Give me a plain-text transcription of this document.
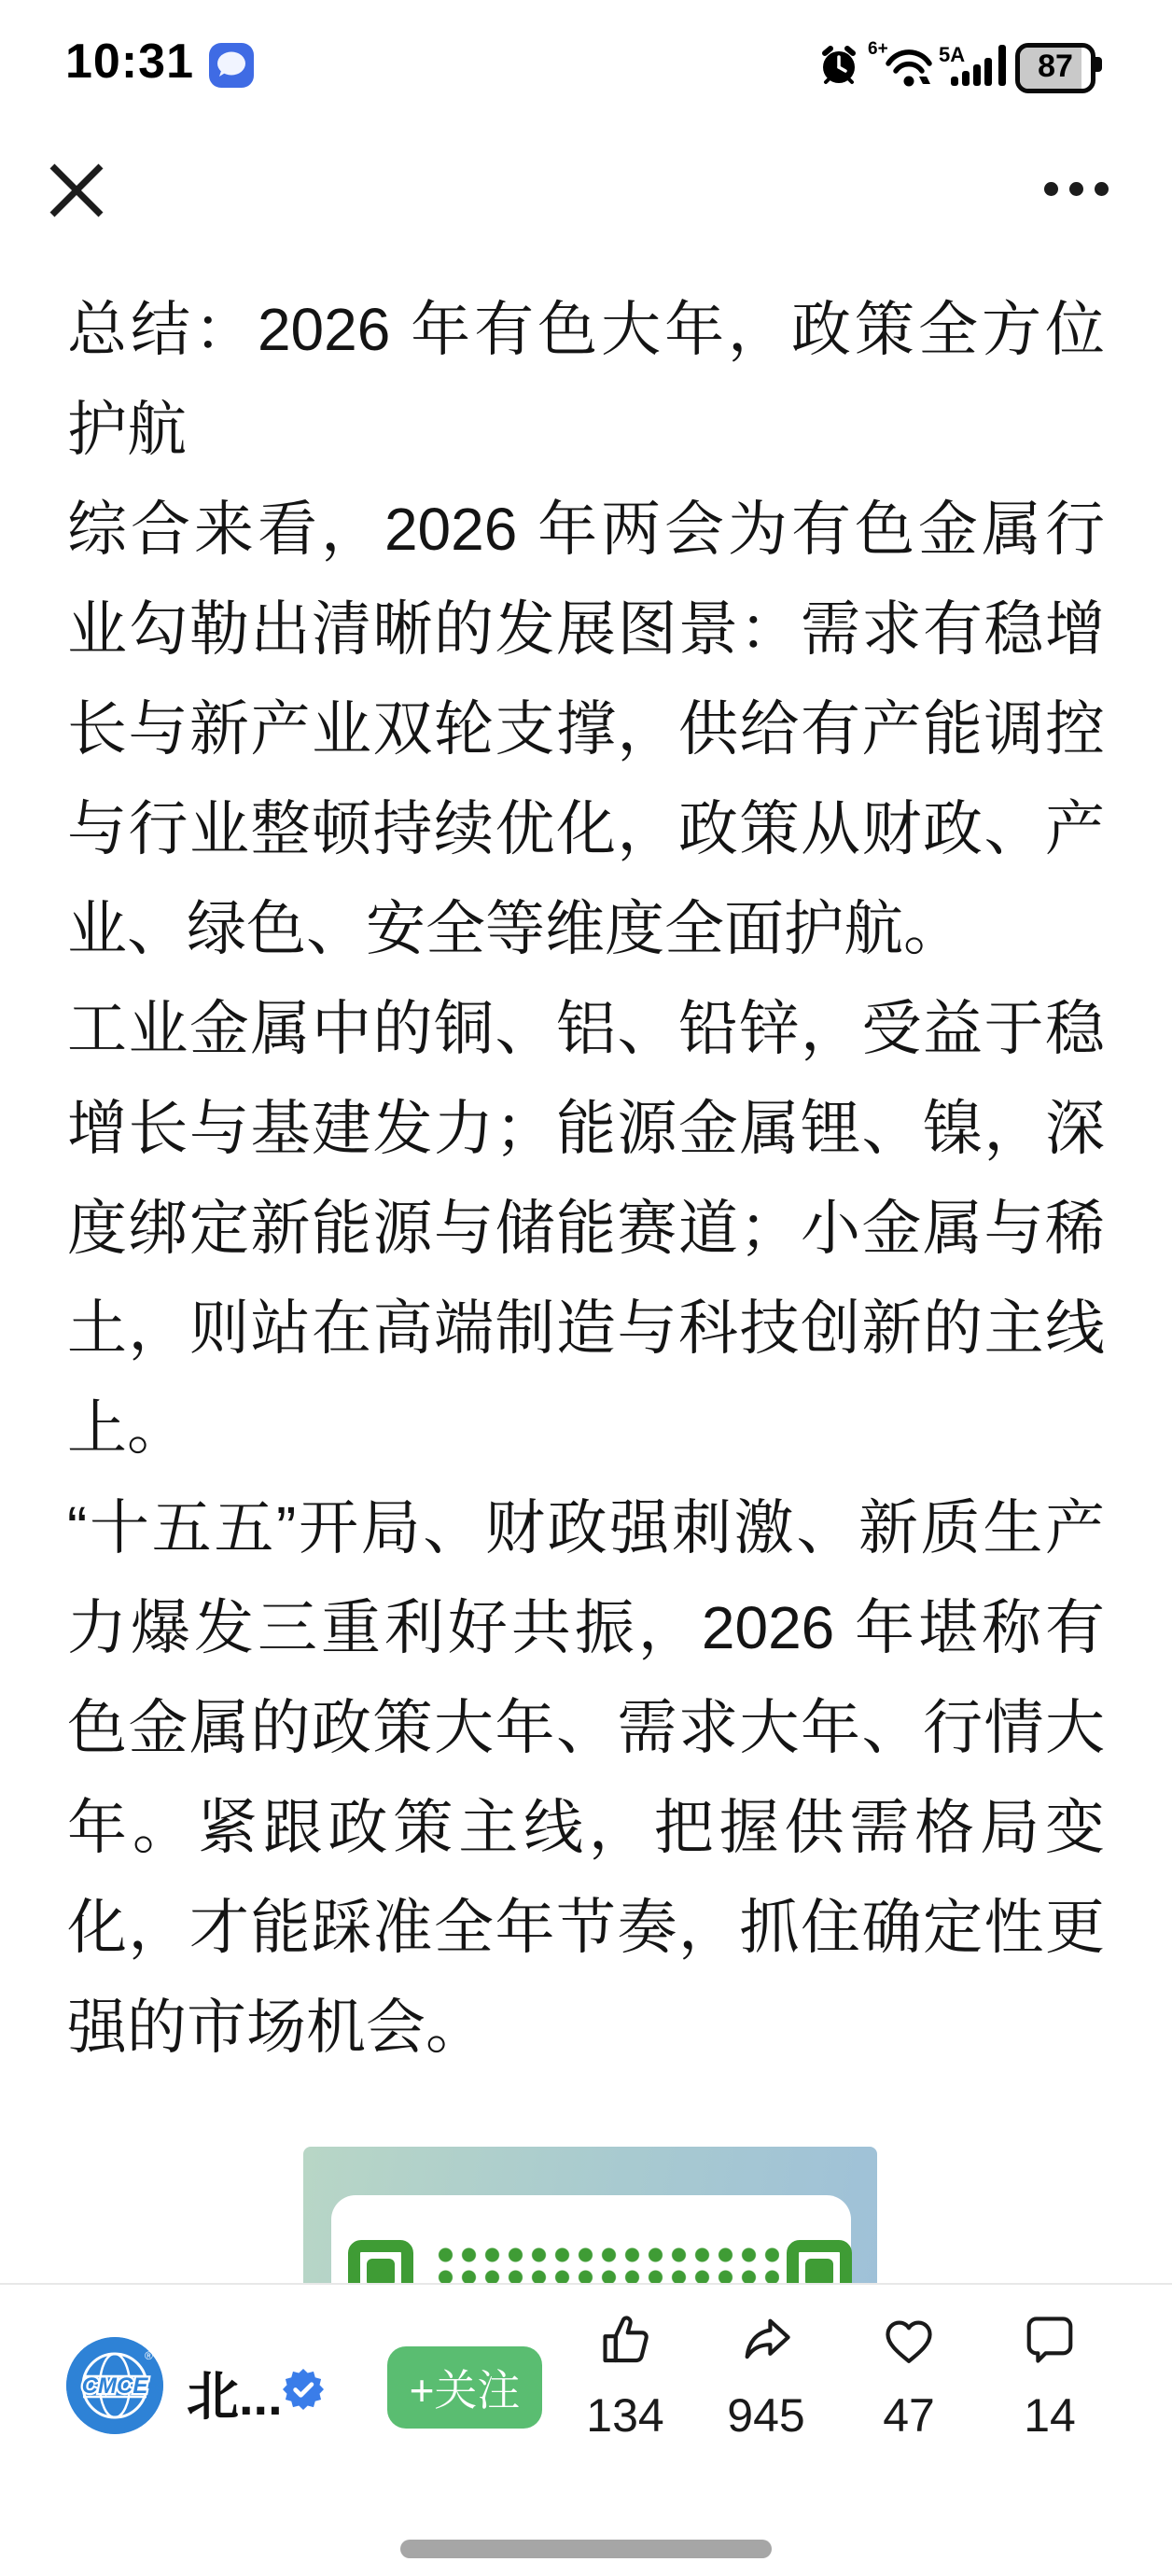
10:31	6+ 5A	87

总结：2026 年有色大年，政策全方位护航

综合来看，2026 年两会为有色金属行业勾勒出清晰的发展图景：需求有稳增长与新产业双轮支撑，供给有产能调控与行业整顿持续优化，政策从财政、产业、绿色、安全等维度全面护航。

工业金属中的铜、铝、铅锌，受益于稳增长与基建发力；能源金属锂、镍，深度绑定新能源与储能赛道；小金属与稀土，则站在高端制造与科技创新的主线上。

“十五五”开局、财政强刺激、新质生产力爆发三重利好共振，2026 年堪称有色金属的政策大年、需求大年、行情大年。紧跟政策主线，把握供需格局变化，才能踩准全年节奏，抓住确定性更强的市场机会。

CMCE
®
北...	+关注	134	945	47	14
